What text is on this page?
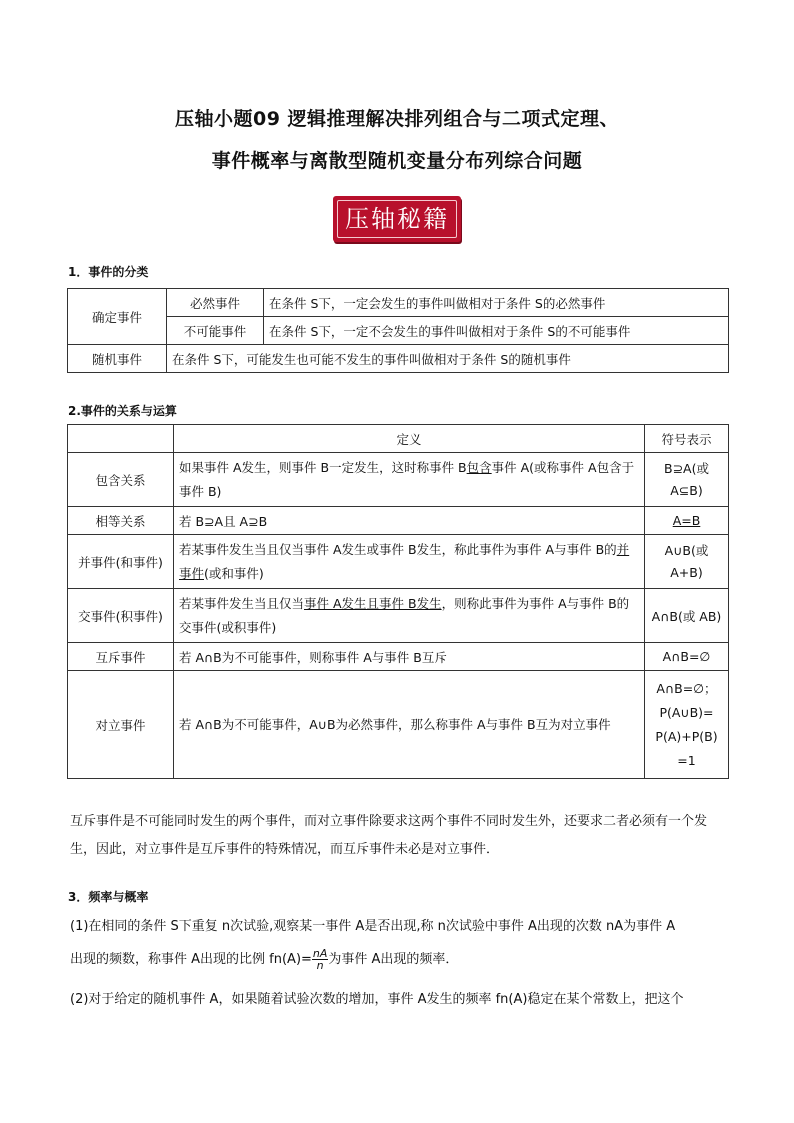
压轴小题09 逻辑推理解决排列组合与二项式定理、
事件概率与离散型随机变量分布列综合问题
压轴秘籍
1．事件的分类
确定事件	必然事件	在条件 S下，一定会发生的事件叫做相对于条件 S的必然事件
	不可能事件	在条件 S下，一定不会发生的事件叫做相对于条件 S的不可能事件
随机事件	在条件 S下，可能发生也可能不发生的事件叫做相对于条件 S的随机事件	
2.事件的关系与运算
	定义	符号表示
包含关系	如果事件 A发生，则事件 B一定发生，这时称事件 B包含事件 A(或称事件 A包含于事件 B)	B⊇A(或 A⊆B)
相等关系	若 B⊇A且 A⊇B	A=B
并事件(和事件)	若某事件发生当且仅当事件 A发生或事件 B发生，称此事件为事件 A与事件 B的并事件(或和事件)	A∪B(或 A+B)
交事件(积事件)	若某事件发生当且仅当事件 A发生且事件 B发生，则称此事件为事件 A与事件 B的交事件(或积事件)	A∩B(或 AB)
互斥事件	若 A∩B为不可能事件，则称事件 A与事件 B互斥	A∩B=∅
对立事件	若 A∩B为不可能事件，A∪B为必然事件，那么称事件 A与事件 B互为对立事件	A∩B=∅；
P(A∪B)=
P(A)+P(B)
=1
互斥事件是不可能同时发生的两个事件，而对立事件除要求这两个事件不同时发生外，还要求二者必须有一个发生，因此，对立事件是互斥事件的特殊情况，而互斥事件未必是对立事件．
3．频率与概率
(1)在相同的条件 S下重复 n次试验,观察某一事件 A是否出现,称 n次试验中事件 A出现的次数 nA为事件 A
出现的频数，称事件 A出现的比例 $fn(A)= \frac{nA}{n}$ 为事件 A出现的频率．
(2)对于给定的随机事件 A，如果随着试验次数的增加，事件 A发生的频率 fn(A)稳定在某个常数上，把这个
